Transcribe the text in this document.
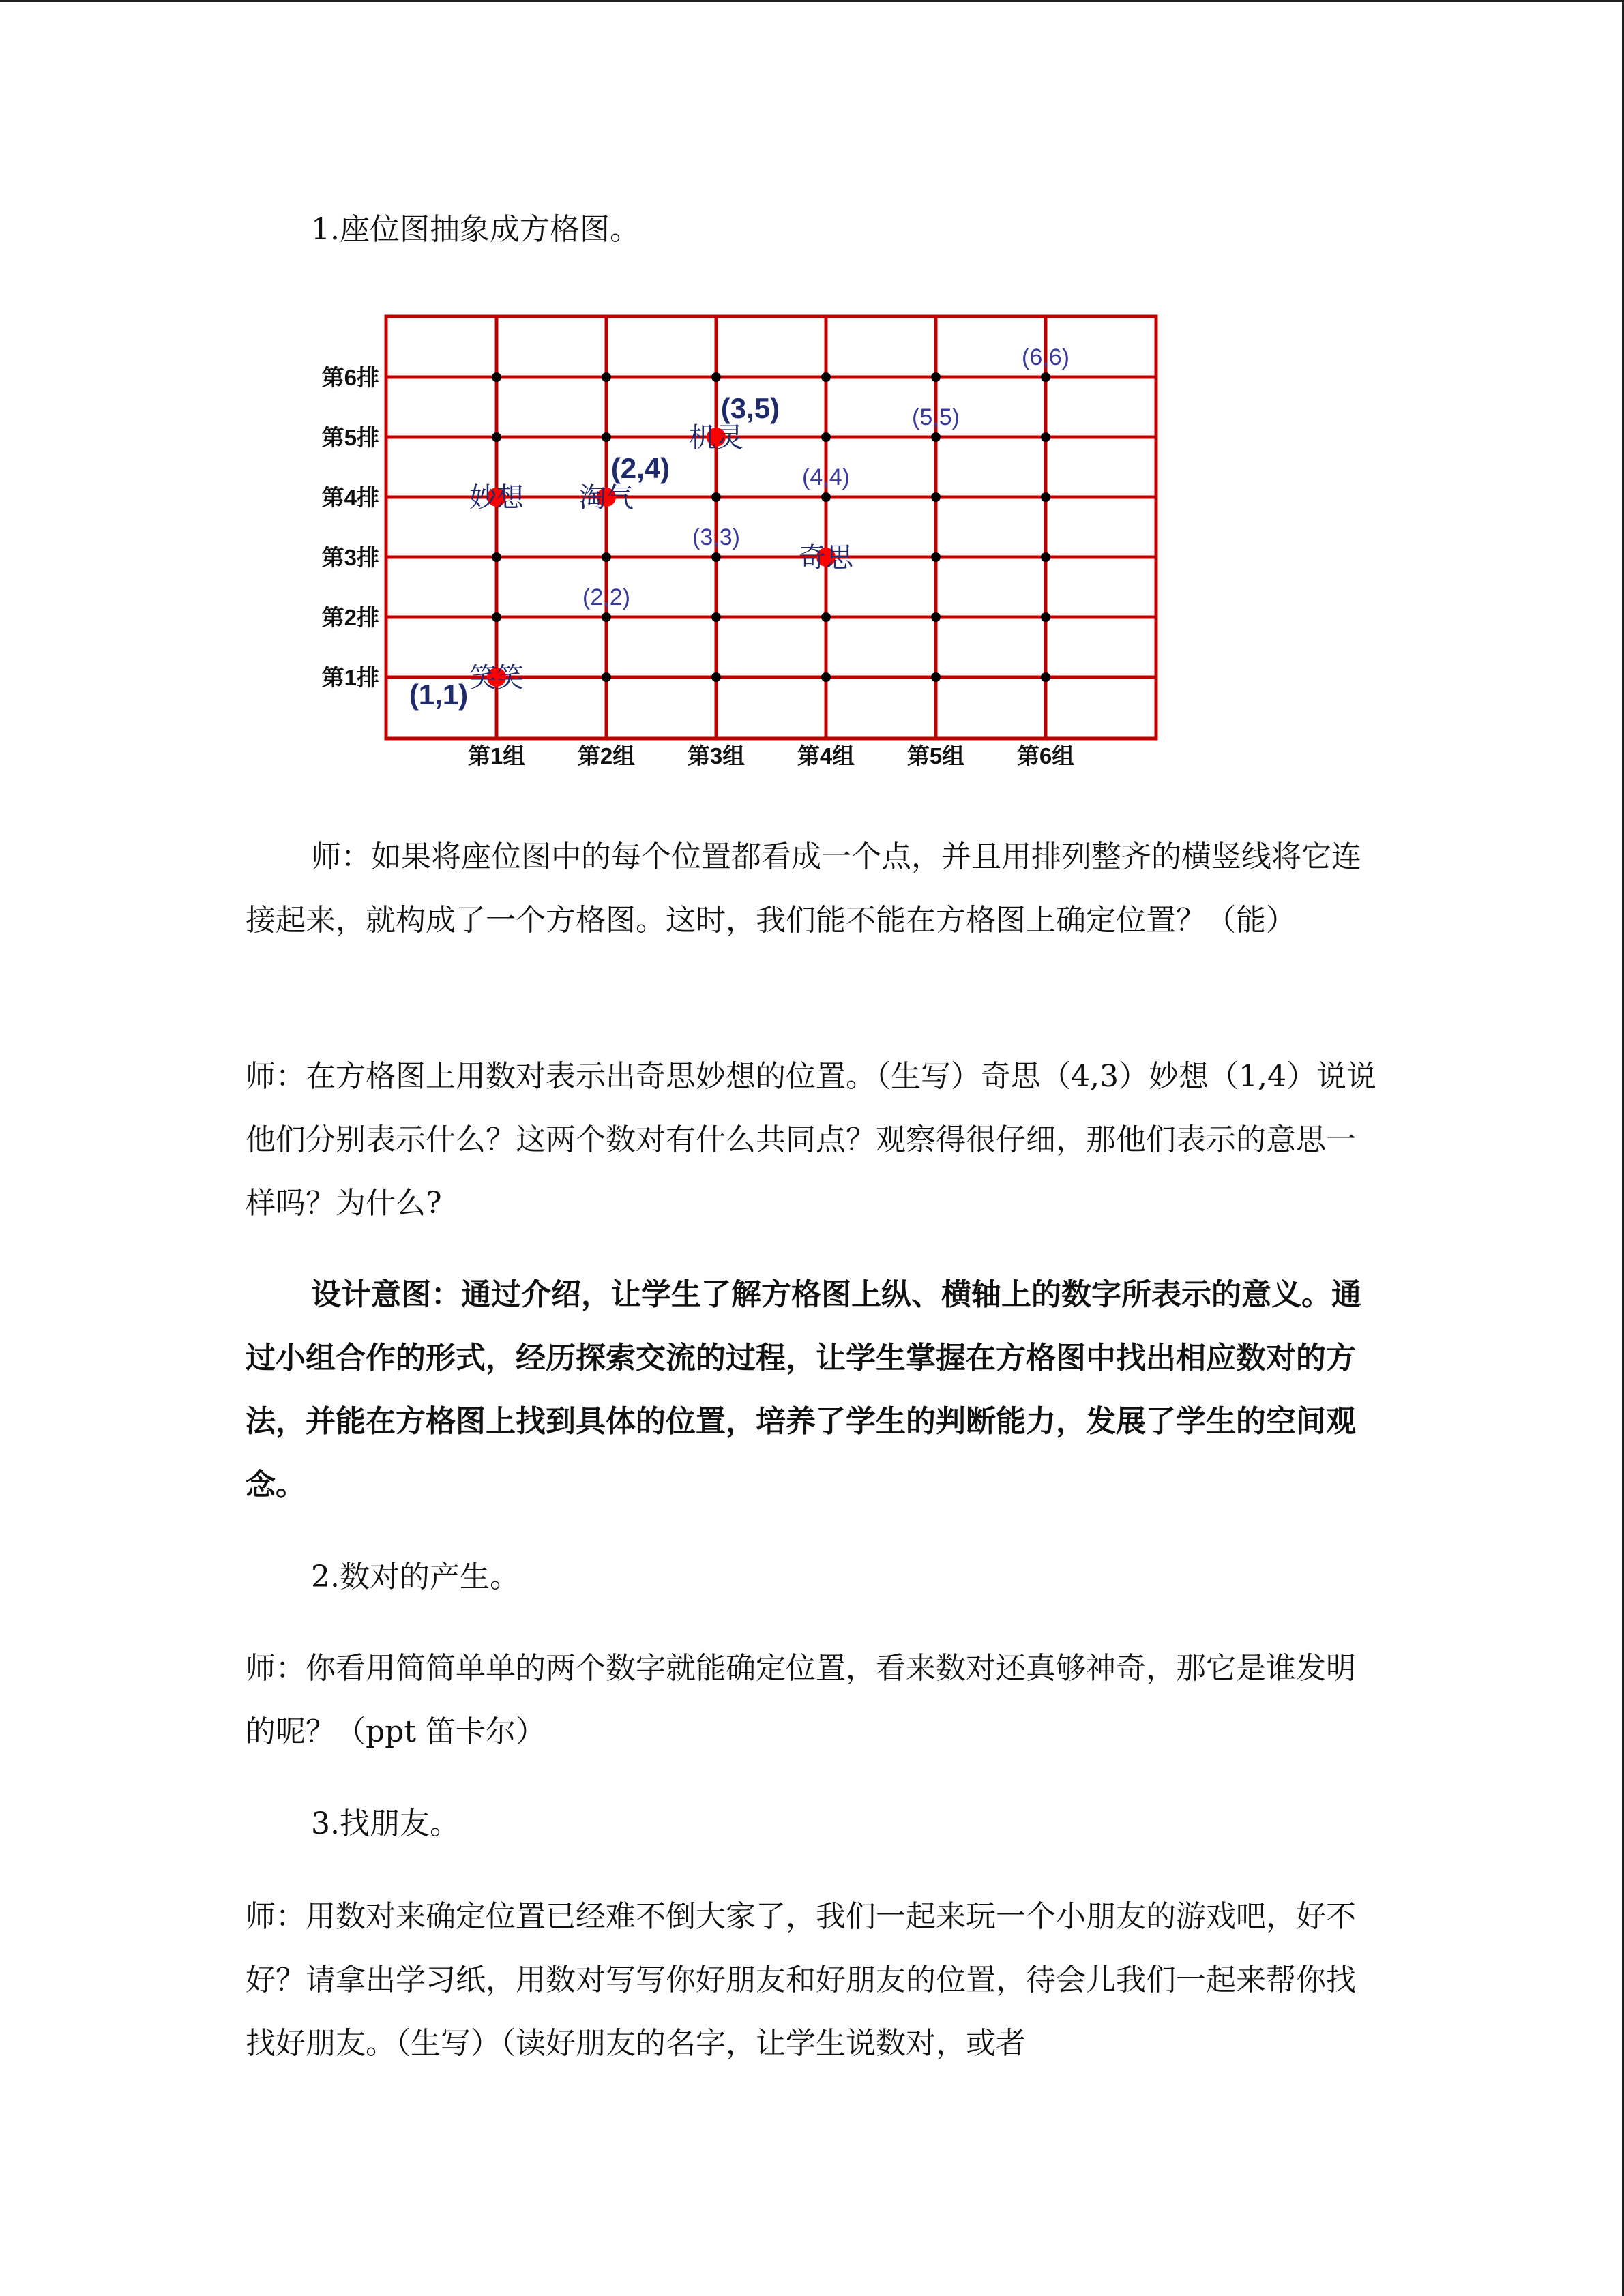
1.座位图抽象成方格图。

第1排
第2排
第3排
第4排
第5排
第6排
第1组 第2组 第3组 第4组 第5组 第6组
(2,2)
(3,3)
(4,4)
(5,5)
(6,6)
笑笑
(1,1)
妙想 淘气
(2,4)
机灵
(3,5)
奇思

师：如果将座位图中的每个位置都看成一个点，并且用排列整齐的横竖线将它连接起来，就构成了一个方格图。这时，我们能不能在方格图上确定位置？（能）

师：在方格图上用数对表示出奇思妙想的位置。（生写）奇思（4,3）妙想（1,4）说说他们分别表示什么？这两个数对有什么共同点？观察得很仔细，那他们表示的意思一样吗？为什么?

设计意图：通过介绍，让学生了解方格图上纵、横轴上的数字所表示的意义。通过小组合作的形式，经历探索交流的过程，让学生掌握在方格图中找出相应数对的方法，并能在方格图上找到具体的位置，培养了学生的判断能力，发展了学生的空间观念。

2.数对的产生。

师：你看用简简单单的两个数字就能确定位置，看来数对还真够神奇，那它是谁发明的呢？（ppt 笛卡尔）

3.找朋友。

师：用数对来确定位置已经难不倒大家了，我们一起来玩一个小朋友的游戏吧，好不好？请拿出学习纸，用数对写写你好朋友和好朋友的位置，待会儿我们一起来帮你找找好朋友。（生写）（读好朋友的名字，让学生说数对，或者
